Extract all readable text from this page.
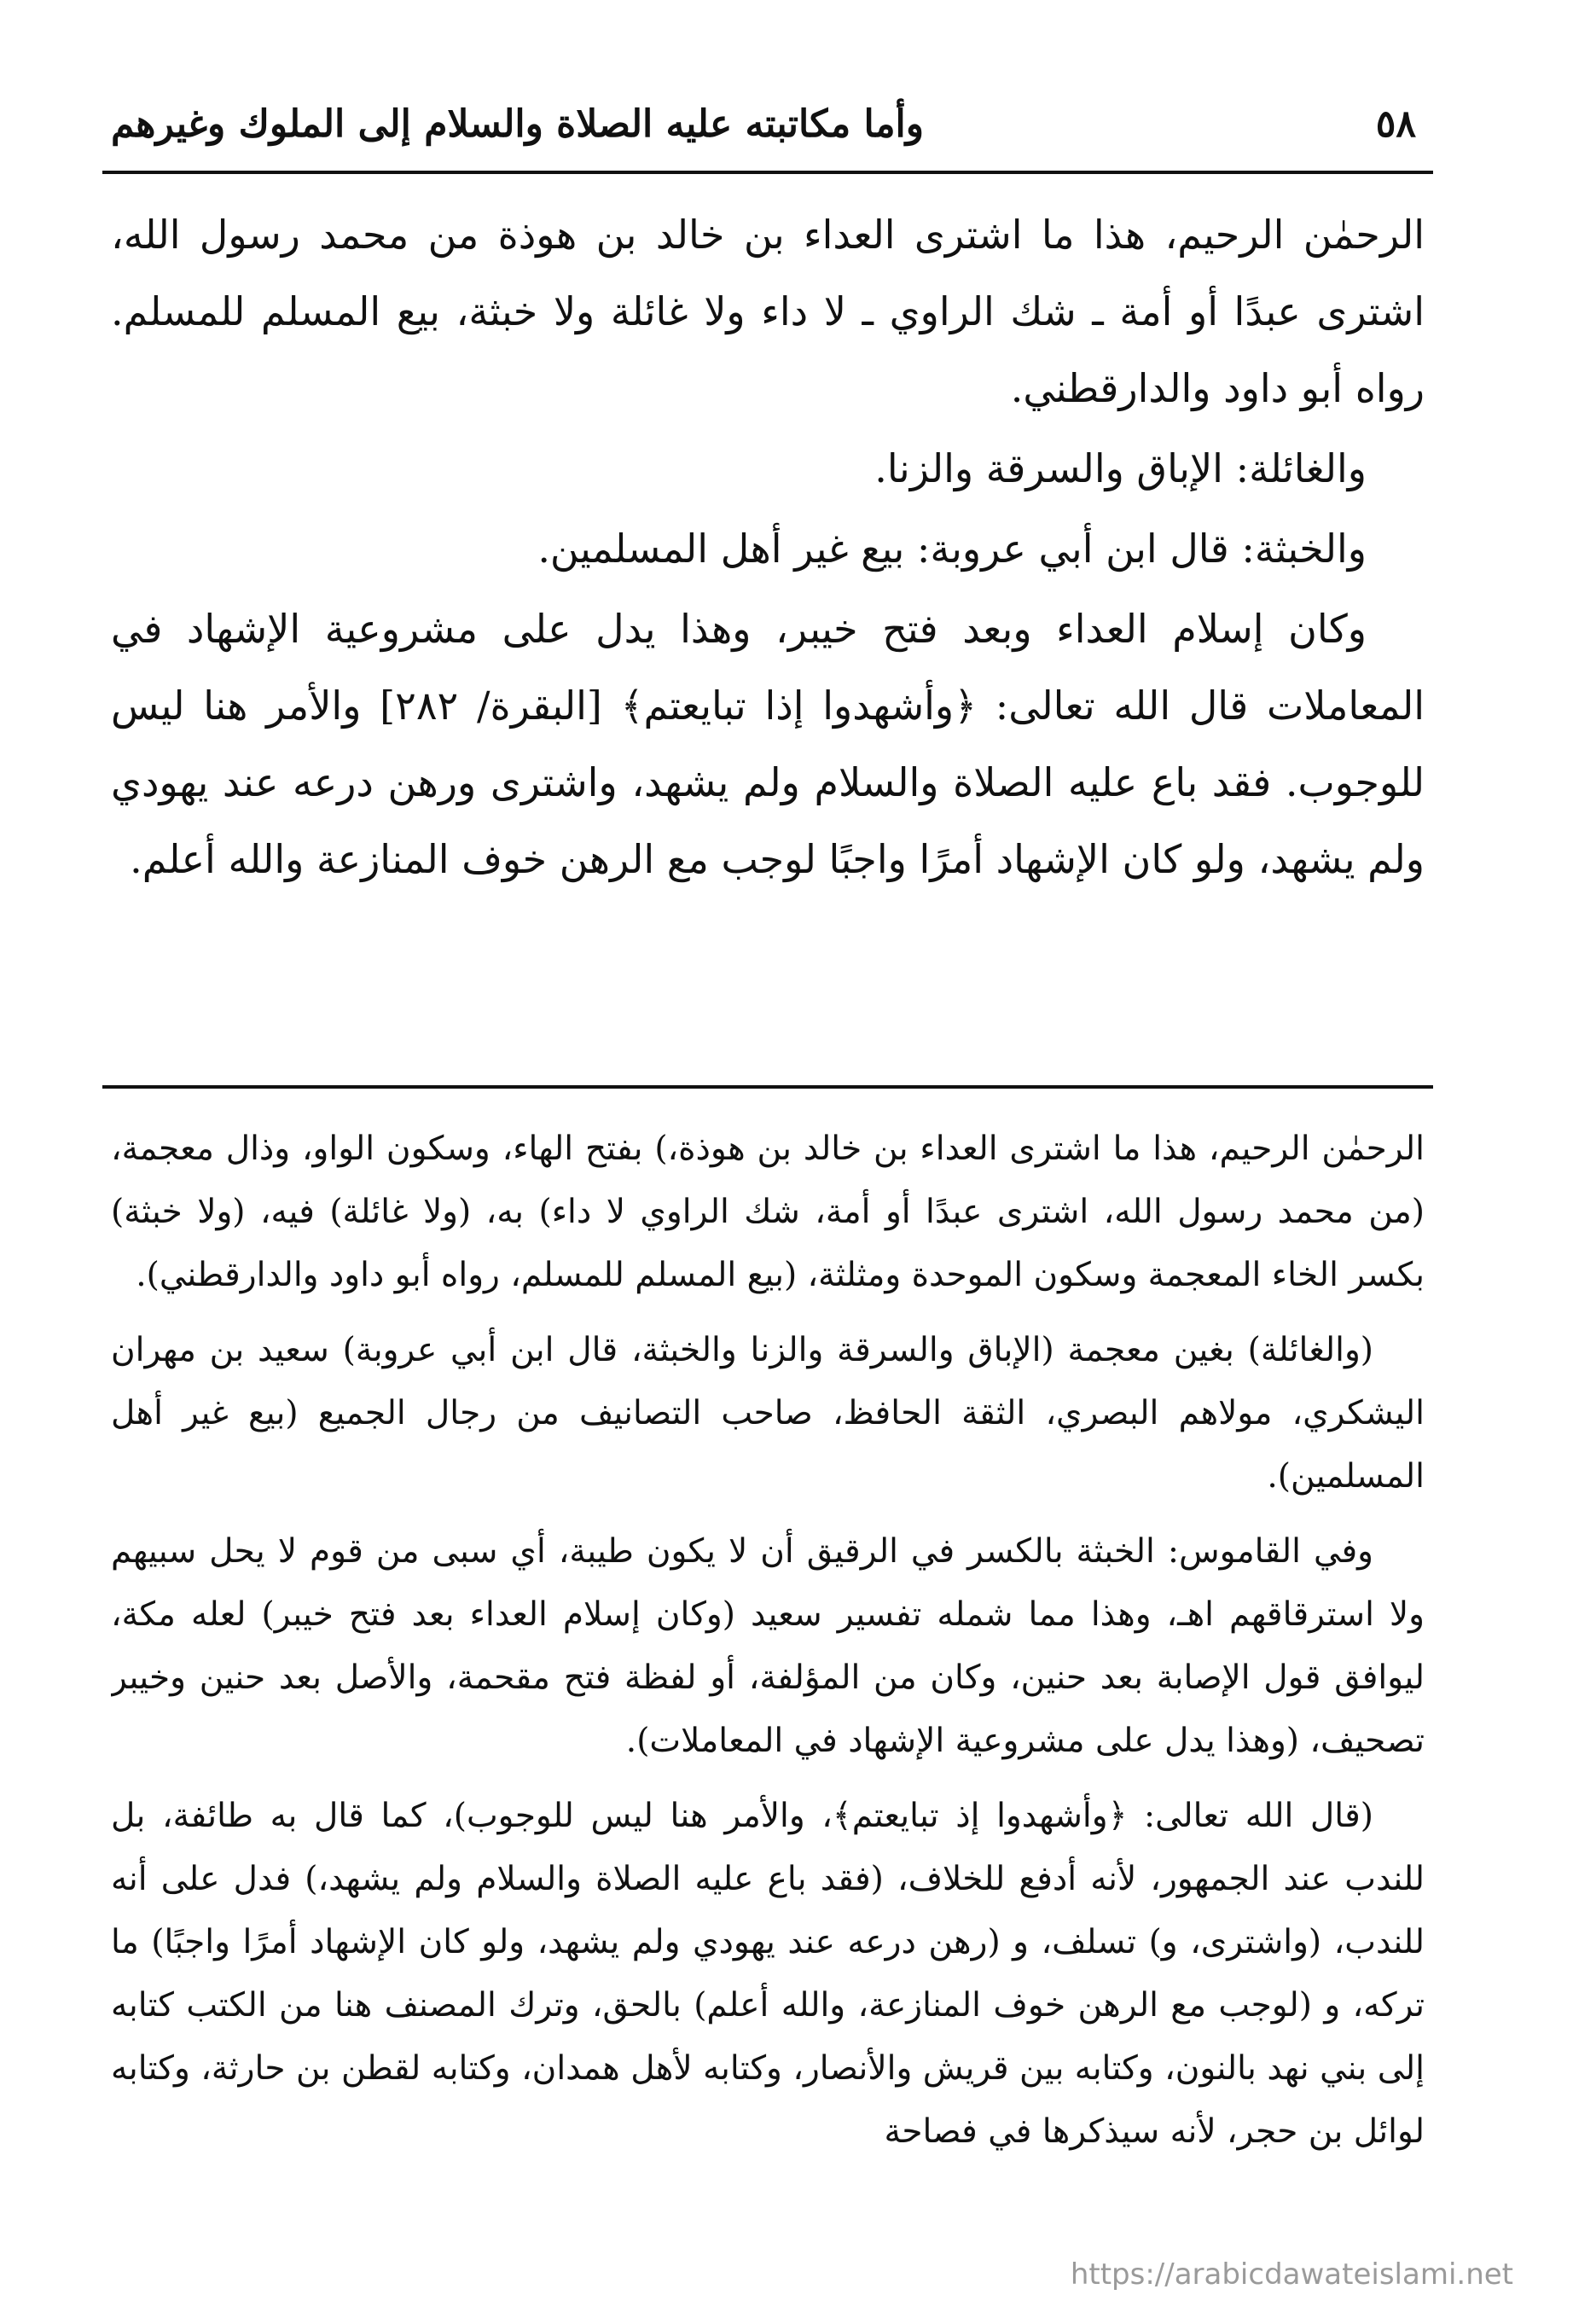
٥٨
وأما مكاتبته عليه الصلاة والسلام إلى الملوك وغيرهم

الرحمٰن الرحيم، هذا ما اشترى العداء بن خالد بن هوذة من محمد رسول الله، اشترى عبدًا أو أمة ـ شك الراوي ـ لا داء ولا غائلة ولا خبثة، بيع المسلم للمسلم. رواه أبو داود والدارقطني.

والغائلة: الإباق والسرقة والزنا.

والخبثة: قال ابن أبي عروبة: بيع غير أهل المسلمين.

وكان إسلام العداء وبعد فتح خيبر، وهذا يدل على مشروعية الإشهاد في المعاملات قال الله تعالى: ﴿وأشهدوا إذا تبايعتم﴾ [البقرة/ ٢٨٢] والأمر هنا ليس للوجوب. فقد باع عليه الصلاة والسلام ولم يشهد، واشترى ورهن درعه عند يهودي ولم يشهد، ولو كان الإشهاد أمرًا واجبًا لوجب مع الرهن خوف المنازعة والله أعلم.

الرحمٰن الرحيم، هذا ما اشترى العداء بن خالد بن هوذة،) بفتح الهاء، وسكون الواو، وذال معجمة، (من محمد رسول الله، اشترى عبدًا أو أمة، شك الراوي لا داء) به، (ولا غائلة) فيه، (ولا خبثة) بكسر الخاء المعجمة وسكون الموحدة ومثلثة، (بيع المسلم للمسلم، رواه أبو داود والدارقطني).

(والغائلة) بغين معجمة (الإباق والسرقة والزنا والخبثة، قال ابن أبي عروبة) سعيد بن مهران اليشكري، مولاهم البصري، الثقة الحافظ، صاحب التصانيف من رجال الجميع (بيع غير أهل المسلمين).

وفي القاموس: الخبثة بالكسر في الرقيق أن لا يكون طيبة، أي سبى من قوم لا يحل سبيهم ولا استرقاقهم اهـ، وهذا مما شمله تفسير سعيد (وكان إسلام العداء بعد فتح خيبر) لعله مكة، ليوافق قول الإصابة بعد حنين، وكان من المؤلفة، أو لفظة فتح مقحمة، والأصل بعد حنين وخيبر تصحيف، (وهذا يدل على مشروعية الإشهاد في المعاملات).

(قال الله تعالى: ﴿وأشهدوا إذ تبايعتم﴾، والأمر هنا ليس للوجوب)، كما قال به طائفة، بل للندب عند الجمهور، لأنه أدفع للخلاف، (فقد باع عليه الصلاة والسلام ولم يشهد،) فدل على أنه للندب، (واشترى، و) تسلف، و (رهن درعه عند يهودي ولم يشهد، ولو كان الإشهاد أمرًا واجبًا) ما تركه، و (لوجب مع الرهن خوف المنازعة، والله أعلم) بالحق، وترك المصنف هنا من الكتب كتابه إلى بني نهد بالنون، وكتابه بين قريش والأنصار، وكتابه لأهل همدان، وكتابه لقطن بن حارثة، وكتابه لوائل بن حجر، لأنه سيذكرها في فصاحة

https://arabicdawateislami.net
